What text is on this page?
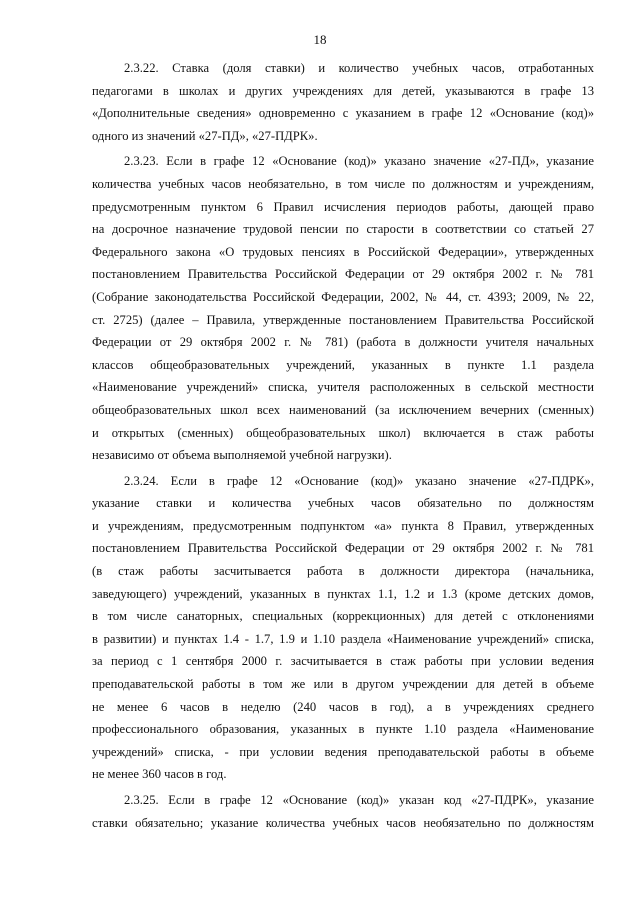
18
2.3.22. Ставка (доля ставки) и количество учебных часов, отработанных
педагогами в школах и других учреждениях для детей, указываются в графе 13
«Дополнительные сведения» одновременно с указанием в графе 12 «Основание (код)»
одного из значений «27-ПД», «27-ПДРК».
2.3.23. Если в графе 12 «Основание (код)» указано значение «27-ПД», указание
количества учебных часов необязательно, в том числе по должностям и учреждениям,
предусмотренным пунктом 6 Правил исчисления периодов работы, дающей право
на досрочное назначение трудовой пенсии по старости в соответствии со статьей 27
Федерального закона «О трудовых пенсиях в Российской Федерации», утвержденных
постановлением Правительства Российской Федерации от 29 октября 2002 г. № 781
(Собрание законодательства Российской Федерации, 2002, № 44, ст. 4393; 2009, № 22,
ст. 2725) (далее – Правила, утвержденные постановлением Правительства Российской
Федерации от 29 октября 2002 г. № 781) (работа в должности учителя начальных
классов общеобразовательных учреждений, указанных в пункте 1.1 раздела
«Наименование учреждений» списка, учителя расположенных в сельской местности
общеобразовательных школ всех наименований (за исключением вечерних (сменных)
и открытых (сменных) общеобразовательных школ) включается в стаж работы
независимо от объема выполняемой учебной нагрузки).
2.3.24. Если в графе 12 «Основание (код)» указано значение «27-ПДРК»,
указание ставки и количества учебных часов обязательно по должностям
и учреждениям, предусмотренным подпунктом «а» пункта 8 Правил, утвержденных
постановлением Правительства Российской Федерации от 29 октября 2002 г. № 781
(в стаж работы засчитывается работа в должности директора (начальника,
заведующего) учреждений, указанных в пунктах 1.1, 1.2 и 1.3 (кроме детских домов,
в том числе санаторных, специальных (коррекционных) для детей с отклонениями
в развитии) и пунктах 1.4 - 1.7, 1.9 и 1.10 раздела «Наименование учреждений» списка,
за период с 1 сентября 2000 г. засчитывается в стаж работы при условии ведения
преподавательской работы в том же или в другом учреждении для детей в объеме
не менее 6 часов в неделю (240 часов в год), а в учреждениях среднего
профессионального образования, указанных в пункте 1.10 раздела «Наименование
учреждений» списка, - при условии ведения преподавательской работы в объеме
не менее 360 часов в год.
2.3.25. Если в графе 12 «Основание (код)» указан код «27-ПДРК», указание
ставки обязательно; указание количества учебных часов необязательно по должностям
